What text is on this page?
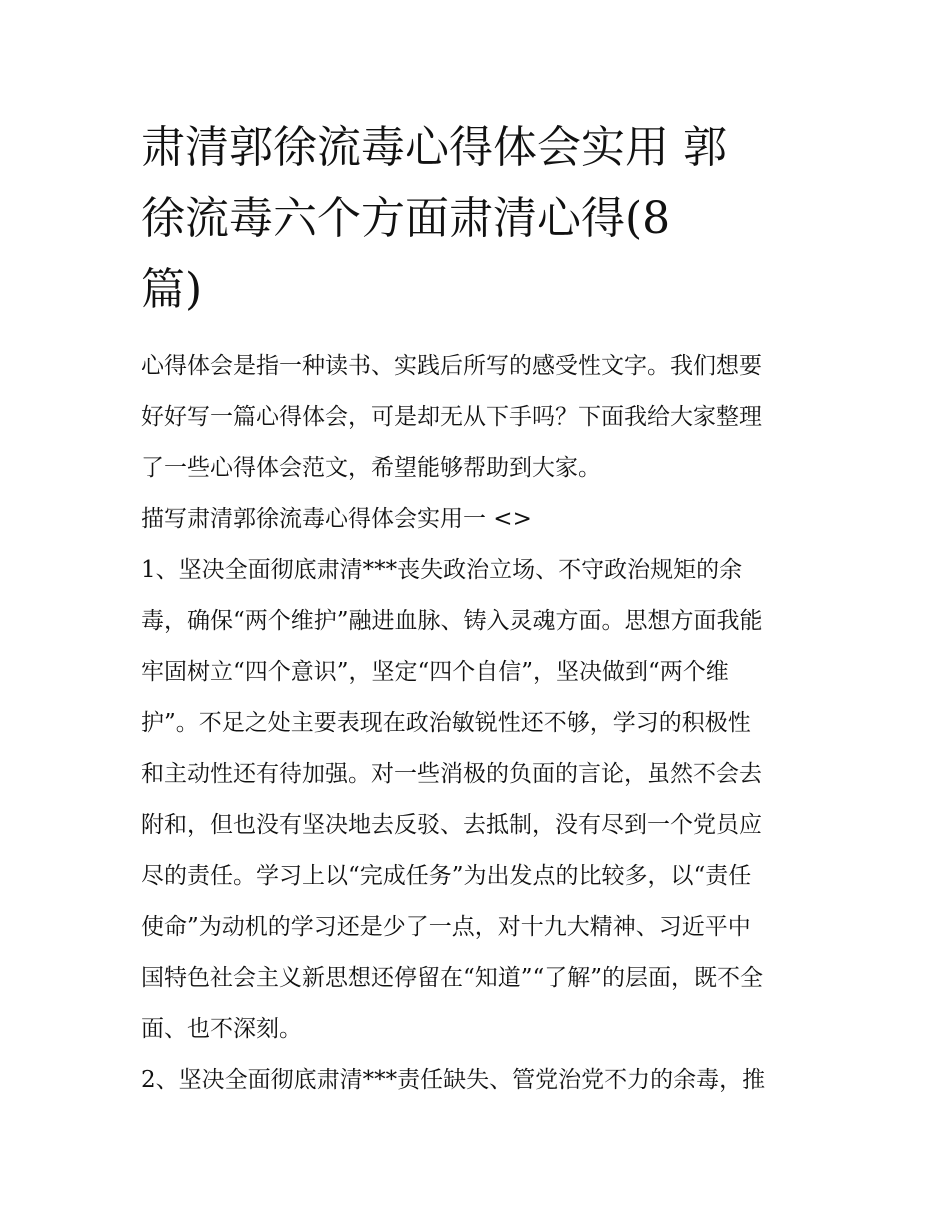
肃清郭徐流毒心得体会实用 郭
徐流毒六个方面肃清心得(8
篇)

心得体会是指一种读书、实践后所写的感受性文字。我们想要
好好写一篇心得体会，可是却无从下手吗？下面我给大家整理
了一些心得体会范文，希望能够帮助到大家。

描写肃清郭徐流毒心得体会实用一 <>

1、坚决全面彻底肃清***丧失政治立场、不守政治规矩的余
毒，确保“两个维护”融进血脉、铸入灵魂方面。思想方面我能
牢固树立“四个意识”，坚定“四个自信”，坚决做到“两个维
护”。不足之处主要表现在政治敏锐性还不够，学习的积极性
和主动性还有待加强。对一些消极的负面的言论，虽然不会去
附和，但也没有坚决地去反驳、去抵制，没有尽到一个党员应
尽的责任。学习上以“完成任务”为出发点的比较多，以“责任
使命”为动机的学习还是少了一点，对十九大精神、习近平中
国特色社会主义新思想还停留在“知道”“了解”的层面，既不全
面、也不深刻。

2、坚决全面彻底肃清***责任缺失、管党治党不力的余毒，推
